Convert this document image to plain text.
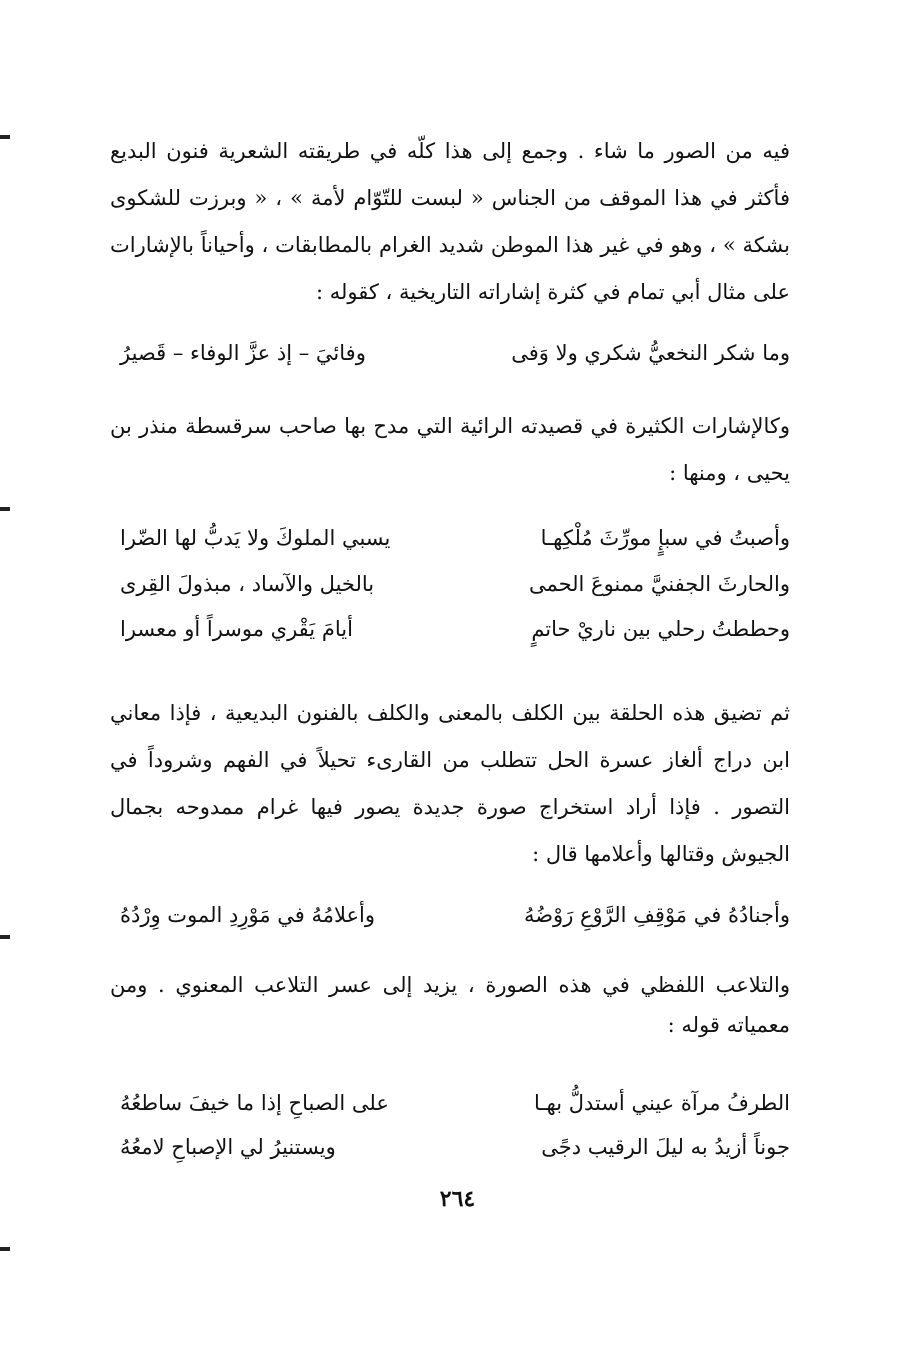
فيه من الصور ما شاء . وجمع إلى هذا كلّه في طريقته الشعرية فنون البديع فأكثر في هذا الموقف من الجناس « لبست للتّوّام لأمة » ، « وبرزت للشكوى بشكة » ، وهو في غير هذا الموطن شديد الغرام بالمطابقات ، وأحياناً بالإشارات على مثال أبي تمام في كثرة إشاراته التاريخية ، كقوله :
وما شكر النخعيُّ شكري ولا وَفى
وفائيَ – إذ عزَّ الوفاء – قَصيرُ
وكالإشارات الكثيرة في قصيدته الرائية التي مدح بها صاحب سرقسطة منذر بن يحيى ، ومنها :
وأصبتُ في سبإٍ مورِّثَ مُلْكِهـا
يسبي الملوكَ ولا يَدبُّ لها الضّرا
والحارثَ الجفنيَّ ممنوعَ الحمى
بالخيل والآساد ، مبذولَ القِرى
وحططتُ رحلي بين ناريْ حاتمٍ
أيامَ يَقْري موسراً أو معسرا
ثم تضيق هذه الحلقة بين الكلف بالمعنى والكلف بالفنون البديعية ، فإذا معاني ابن دراج ألغاز عسرة الحل تتطلب من القارىء تحيلاً في الفهم وشروداً في التصور . فإذا أراد استخراج صورة جديدة يصور فيها غرام ممدوحه بجمال الجيوش وقتالها وأعلامها قال :
وأجنادُهُ في مَوْقِفِ الرَّوْعِ رَوْضُهُ
وأعلامُهُ في مَوْرِدِ الموت وِرْدُهُ
والتلاعب اللفظي في هذه الصورة ، يزيد إلى عسر التلاعب المعنوي . ومن معمياته قوله :
الطرفُ مرآة عيني أستدلُّ بهـا
على الصباحِ إذا ما خيفَ ساطعُهُ
جوناً أزيدُ به ليلَ الرقيب دجًى
ويستنيرُ لي الإصباحِ لامعُهُ
٢٦٤
